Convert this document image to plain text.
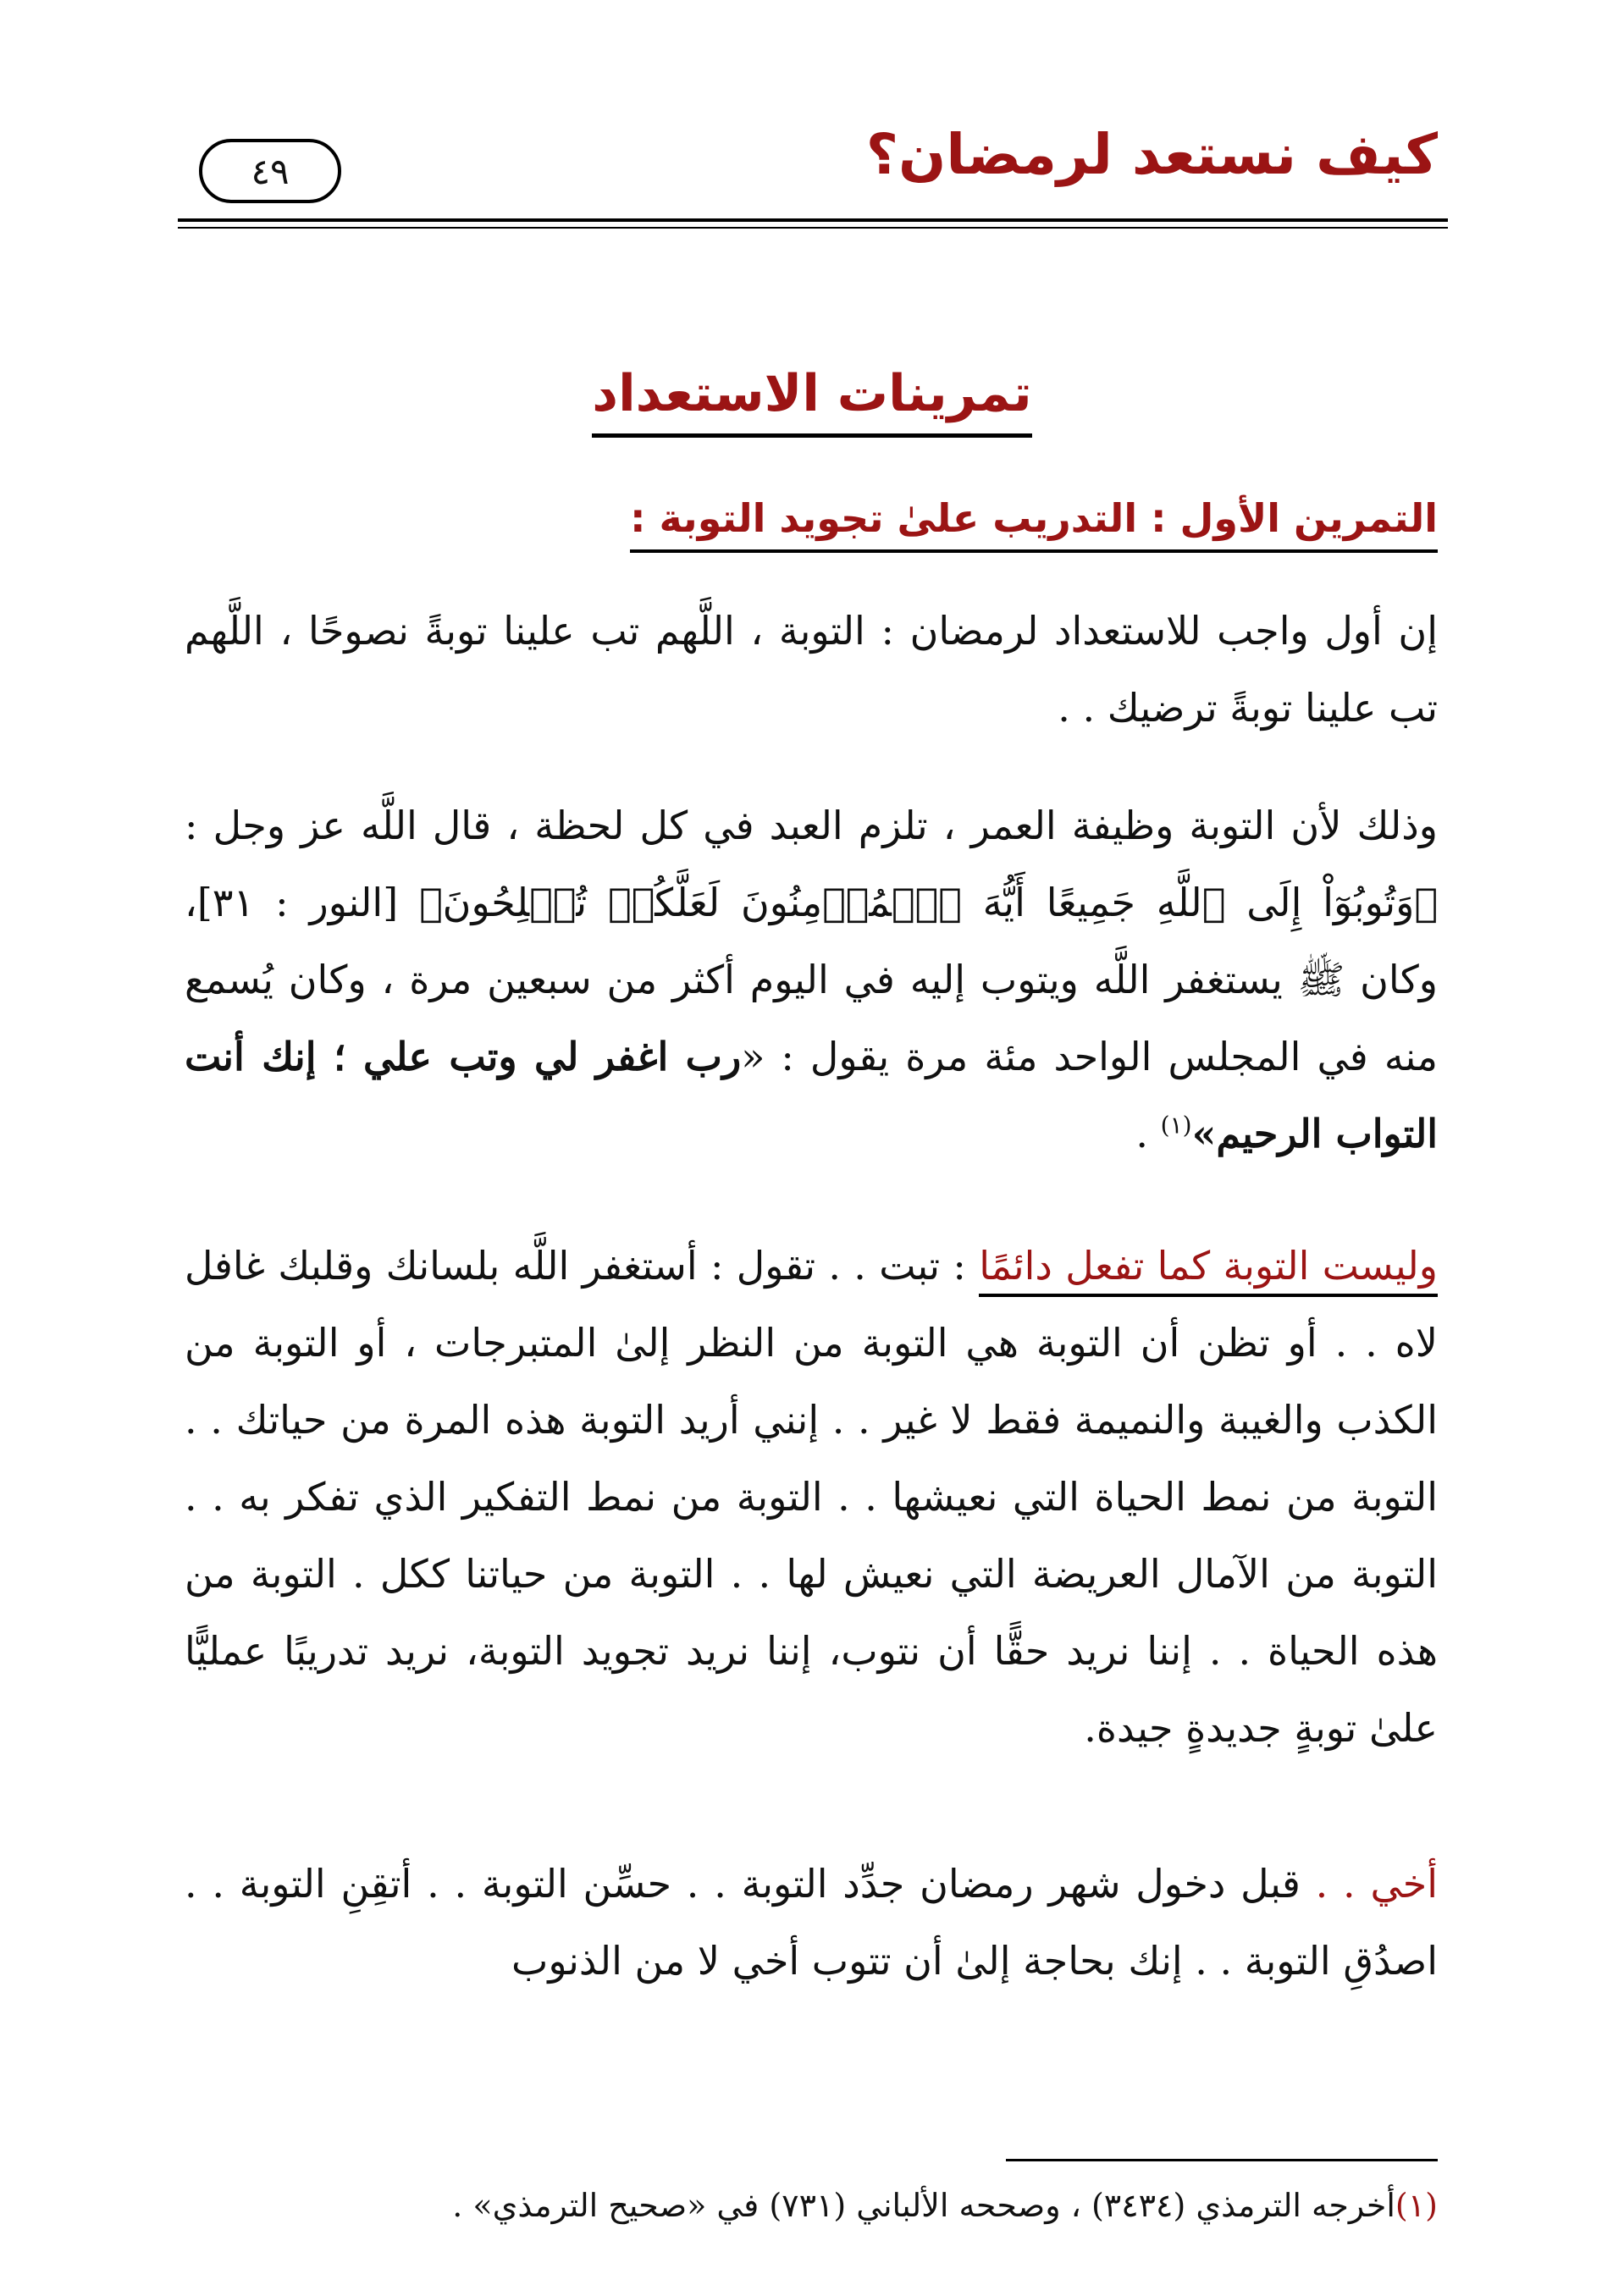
كيف نستعد لرمضان؟
٤٩
تمرينات الاستعداد
التمرين الأول : التدريب علىٰ تجويد التوبة :

إن أول واجب للاستعداد لرمضان : التوبة ، اللَّهم تب علينا توبةً نصوحًا ، اللَّهم تب علينا توبةً ترضيك . .

وذلك لأن التوبة وظيفة العمر ، تلزم العبد في كل لحظة ، قال اللَّه عز وجل : ﴿وَتُوبُوٓاْ إِلَى ٱللَّهِ جَمِيعًا أَيُّهَ ٱلۡمُؤۡمِنُونَ لَعَلَّكُمۡ تُفۡلِحُونَ﴾ [النور : ٣١]، وكان ﷺ يستغفر اللَّه ويتوب إليه في اليوم أكثر من سبعين مرة ، وكان يُسمع منه في المجلس الواحد مئة مرة يقول : «رب اغفر لي وتب علي ؛ إنك أنت التواب الرحيم»$^{(١)}$ .

وليست التوبة كما تفعل دائمًا : تبت . . تقول : أستغفر اللَّه بلسانك وقلبك غافل لاه . . أو تظن أن التوبة هي التوبة من النظر إلىٰ المتبرجات ، أو التوبة من الكذب والغيبة والنميمة فقط لا غير . . إنني أريد التوبة هذه المرة من حياتك . . التوبة من نمط الحياة التي نعيشها . . التوبة من نمط التفكير الذي تفكر به . . التوبة من الآمال العريضة التي نعيش لها . . التوبة من حياتنا ككل . التوبة من هذه الحياة . . إننا نريد حقًّا أن نتوب، إننا نريد تجويد التوبة، نريد تدريبًا عمليًّا علىٰ توبةٍ جديدةٍ جيدة.

أخي . . قبل دخول شهر رمضان جدِّد التوبة . . حسِّن التوبة . . أتقِنِ التوبة . . اصدُقِ التوبة . . إنك بحاجة إلىٰ أن تتوب أخي لا من الذنوب

(١)أخرجه الترمذي (٣٤٣٤) ، وصححه الألباني (٧٣١) في «صحيح الترمذي» .
